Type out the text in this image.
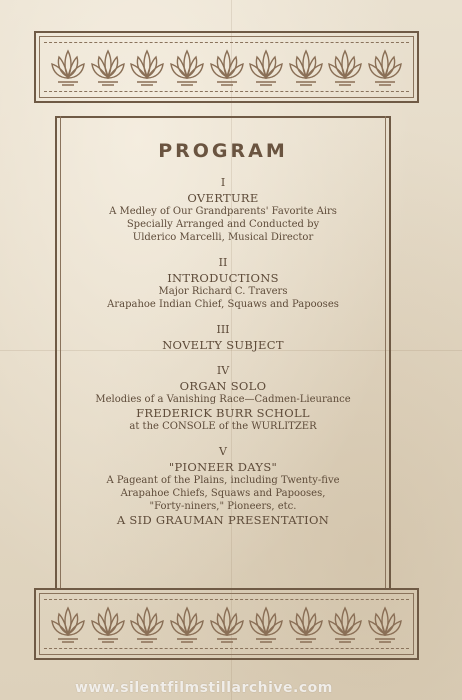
PROGRAM
I
OVERTURE
A Medley of Our Grandparents' Favorite Airs
Specially Arranged and Conducted by
Ulderico Marcelli, Musical Director
II
INTRODUCTIONS
Major Richard C. Travers
Arapahoe Indian Chief, Squaws and Papooses
III
NOVELTY SUBJECT
IV
ORGAN SOLO
Melodies of a Vanishing Race—Cadmen-Lieurance
FREDERICK BURR SCHOLL
at the CONSOLE of the WURLITZER
V
"PIONEER DAYS"
A Pageant of the Plains, including Twenty-five
Arapahoe Chiefs, Squaws and Papooses,
"Forty-niners," Pioneers, etc.
A SID GRAUMAN PRESENTATION
www.silentfilmstillarchive.com
